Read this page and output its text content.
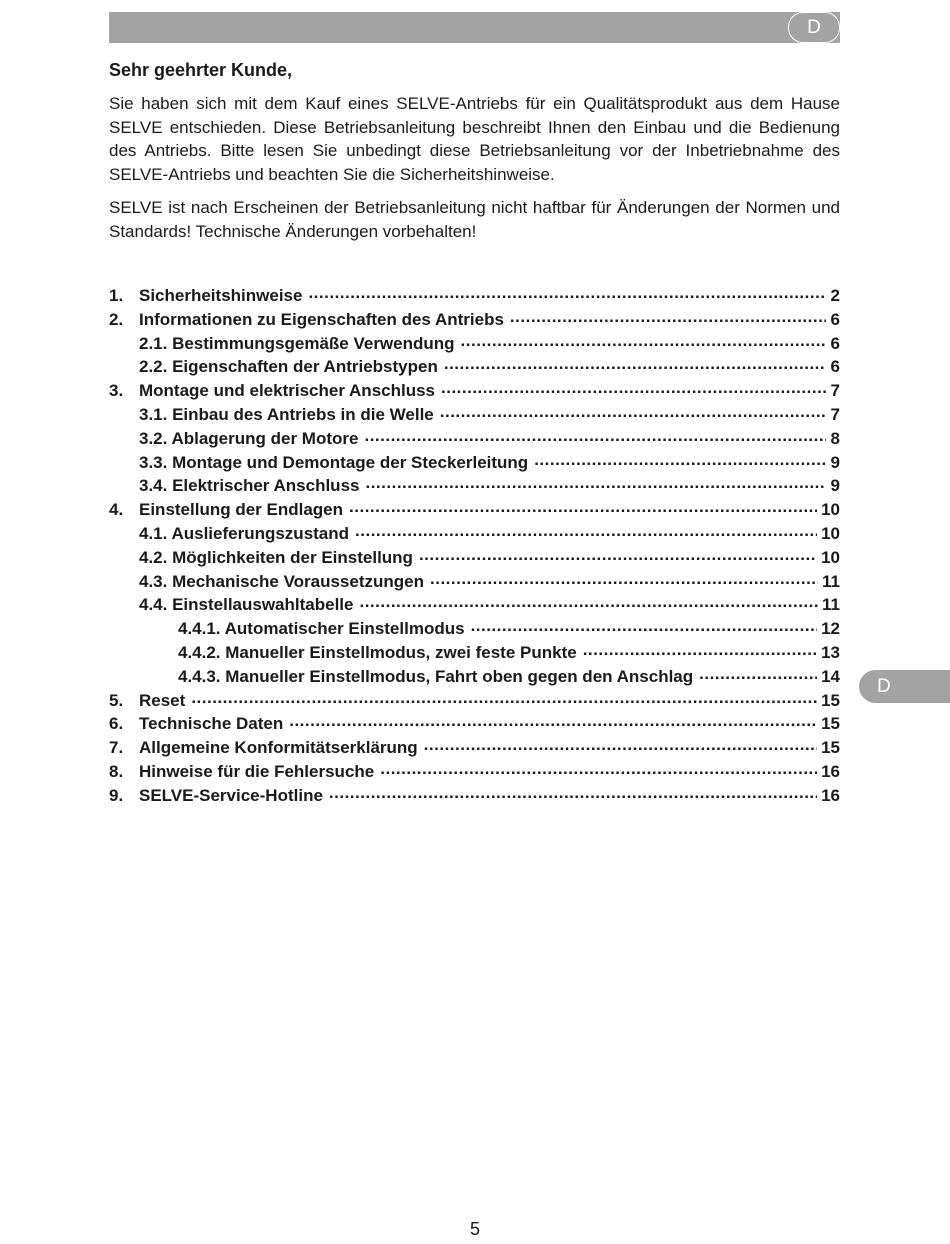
D
D
Sehr geehrter Kunde,

Sie haben sich mit dem Kauf eines SELVE-Antriebs für ein Qualitätsprodukt aus dem Hause SELVE entschieden. Diese Betriebsanleitung beschreibt Ihnen den Einbau und die Bedienung des Antriebs. Bitte lesen Sie unbedingt diese Betriebsanleitung vor der Inbetriebnahme des SELVE-Antriebs und beachten Sie die Sicherheitshinweise.

SELVE ist nach Erscheinen der Betriebsanleitung nicht haftbar für Änderungen der Normen und Standards! Technische Änderungen vorbehalten!

1. Sicherheitshinweise .....	2
2. Informationen zu Eigenschaften des Antriebs .....	6
2.1. Bestimmungsgemäße Verwendung .....	6
2.2. Eigenschaften der Antriebstypen .....	6
3. Montage und elektrischer Anschluss .....	7
3.1. Einbau des Antriebs in die Welle .....	7
3.2. Ablagerung der Motore .....	8
3.3. Montage und Demontage der Steckerleitung .....	9
3.4. Elektrischer Anschluss .....	9
4. Einstellung der Endlagen .....	10
4.1. Auslieferungszustand .....	10
4.2. Möglichkeiten der Einstellung .....	10
4.3. Mechanische Voraussetzungen .....	11
4.4. Einstellauswahltabelle .....	11
4.4.1. Automatischer Einstellmodus .....	12
4.4.2. Manueller Einstellmodus, zwei feste Punkte .....	13
4.4.3. Manueller Einstellmodus, Fahrt oben gegen den Anschlag .....	14
5. Reset .....	15
6. Technische Daten .....	15
7. Allgemeine Konformitätserklärung .....	15
8. Hinweise für die Fehlersuche .....	16
9. SELVE-Service-Hotline .....	16
5
